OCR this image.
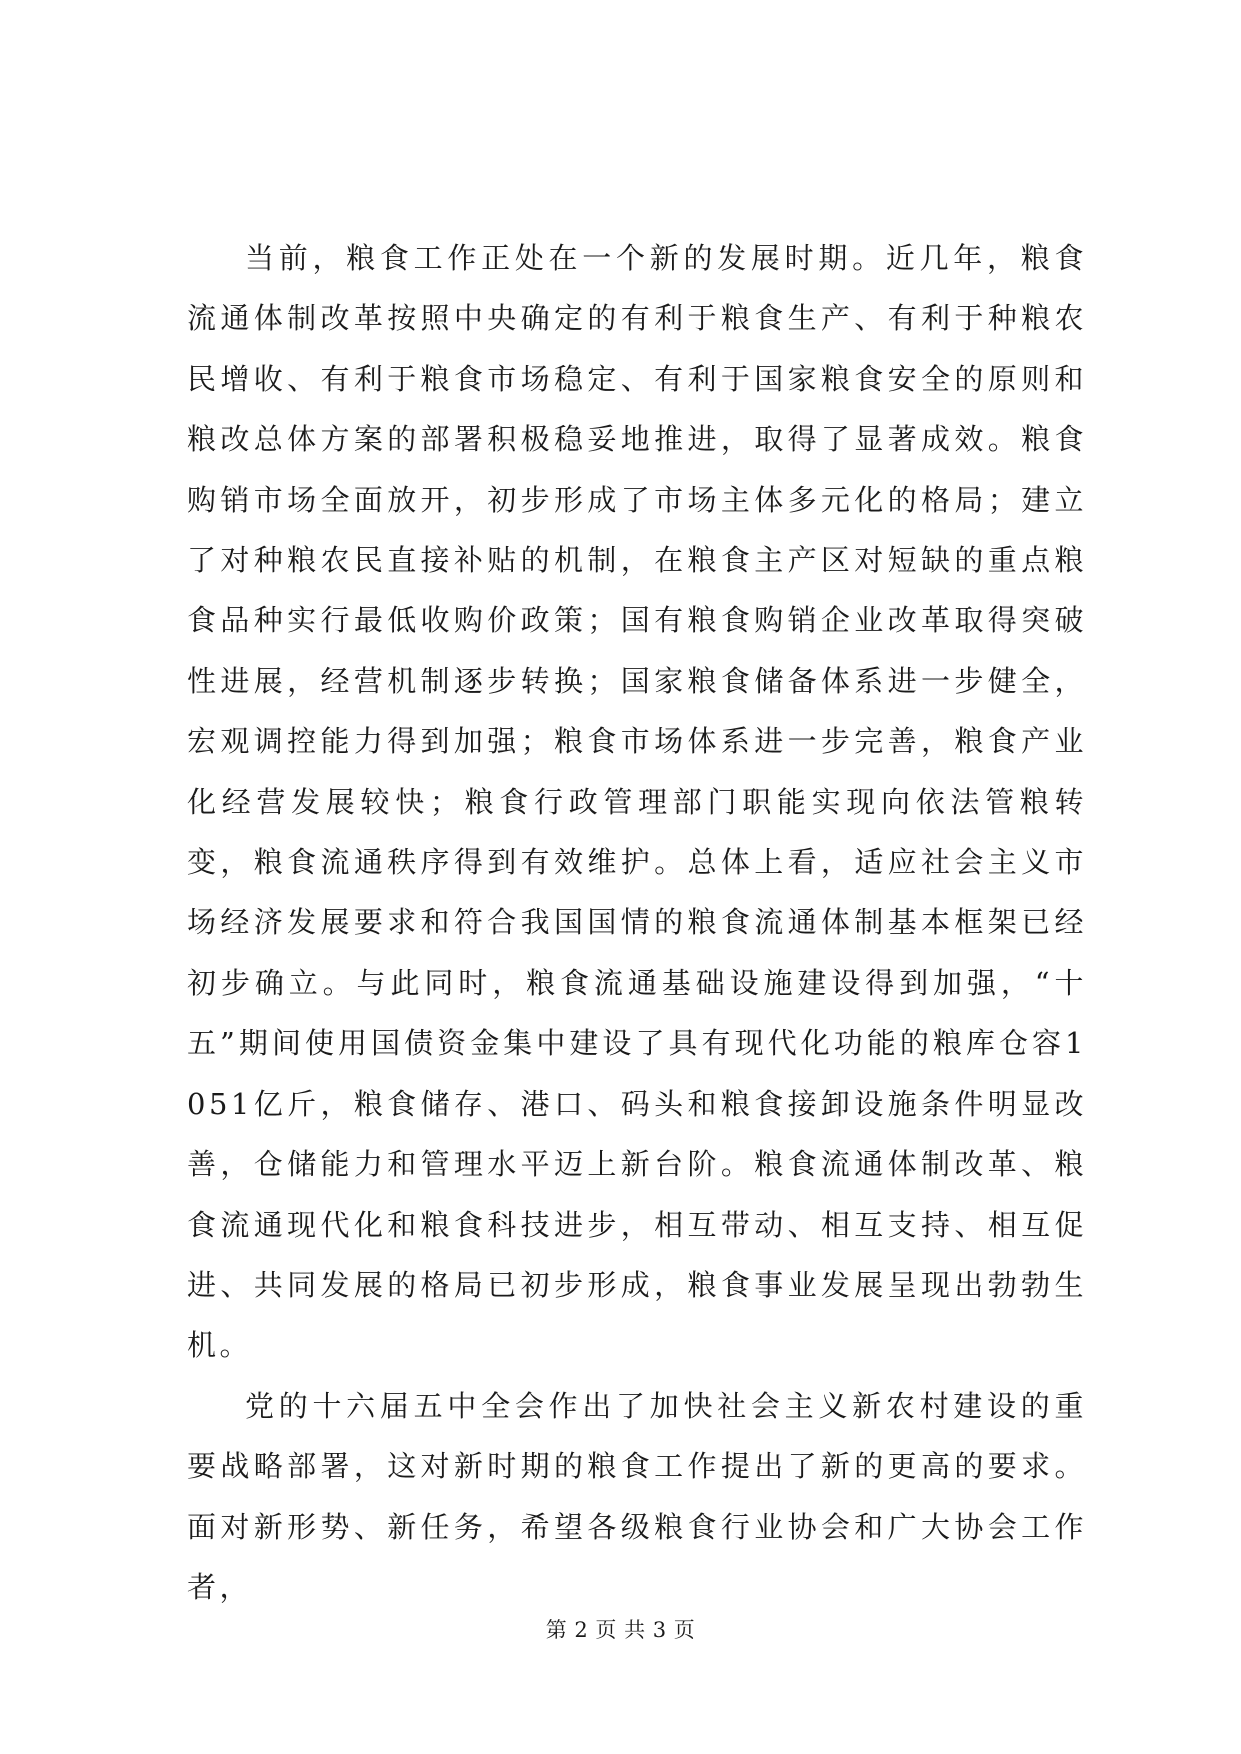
当前，粮食工作正处在一个新的发展时期。近几年，粮食流通体制改革按照中央确定的有利于粮食生产、有利于种粮农民增收、有利于粮食市场稳定、有利于国家粮食安全的原则和粮改总体方案的部署积极稳妥地推进，取得了显著成效。粮食购销市场全面放开，初步形成了市场主体多元化的格局；建立了对种粮农民直接补贴的机制，在粮食主产区对短缺的重点粮食品种实行最低收购价政策；国有粮食购销企业改革取得突破性进展，经营机制逐步转换；国家粮食储备体系进一步健全，宏观调控能力得到加强；粮食市场体系进一步完善，粮食产业化经营发展较快；粮食行政管理部门职能实现向依法管粮转变，粮食流通秩序得到有效维护。总体上看，适应社会主义市场经济发展要求和符合我国国情的粮食流通体制基本框架已经初步确立。与此同时，粮食流通基础设施建设得到加强，“十五”期间使用国债资金集中建设了具有现代化功能的粮库仓容1051亿斤，粮食储存、港口、码头和粮食接卸设施条件明显改善，仓储能力和管理水平迈上新台阶。粮食流通体制改革、粮食流通现代化和粮食科技进步，相互带动、相互支持、相互促进、共同发展的格局已初步形成，粮食事业发展呈现出勃勃生机。

党的十六届五中全会作出了加快社会主义新农村建设的重要战略部署，这对新时期的粮食工作提出了新的更高的要求。面对新形势、新任务，希望各级粮食行业协会和广大协会工作者，

第 2 页 共 3 页
